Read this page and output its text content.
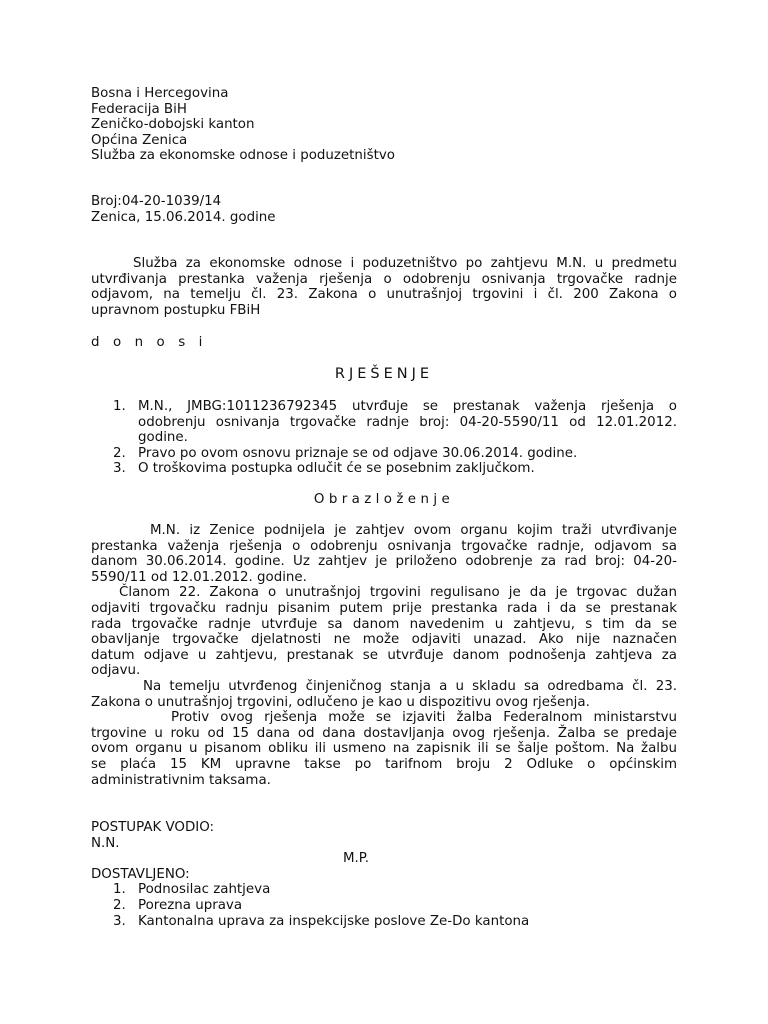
Bosna i Hercegovina
Federacija BiH
Zeničko-dobojski kanton
Općina Zenica
Služba za ekonomske odnose i poduzetništvo
Broj:04-20-1039/14
Zenica, 15.06.2014. godine
Služba za ekonomske odnose i poduzetništvo po zahtjevu M.N. u predmetu
utvrđivanja prestanka važenja rješenja o odobrenju osnivanja trgovačke radnje
odjavom, na temelju čl. 23. Zakona o unutrašnjoj trgovini i čl. 200 Zakona o
upravnom postupku FBiH
d o n o s i
RJEŠENJE
1. M.N., JMBG:1011236792345 utvrđuje se prestanak važenja rješenja o
odobrenju osnivanja trgovačke radnje broj: 04-20-5590/11 od 12.01.2012.
godine.
2. Pravo po ovom osnovu priznaje se od odjave 30.06.2014. godine.
3. O troškovima postupka odlučit će se posebnim zaključkom.
Obrazloženje
M.N. iz Zenice podnijela je zahtjev ovom organu kojim traži utvrđivanje
prestanka važenja rješenja o odobrenju osnivanja trgovačke radnje, odjavom sa
danom 30.06.2014. godine. Uz zahtjev je priloženo odobrenje za rad broj: 04-20-
5590/11 od 12.01.2012. godine.
Članom 22. Zakona o unutrašnjoj trgovini regulisano je da je trgovac dužan
odjaviti trgovačku radnju pisanim putem prije prestanka rada i da se prestanak
rada trgovačke radnje utvrđuje sa danom navedenim u zahtjevu, s tim da se
obavljanje trgovačke djelatnosti ne može odjaviti unazad. Ako nije naznačen
datum odjave u zahtjevu, prestanak se utvrđuje danom podnošenja zahtjeva za
odjavu.
Na temelju utvrđenog činjeničnog stanja a u skladu sa odredbama čl. 23.
Zakona o unutrašnjoj trgovini, odlučeno je kao u dispozitivu ovog rješenja.
Protiv ovog rješenja može se izjaviti žalba Federalnom ministarstvu
trgovine u roku od 15 dana od dana dostavljanja ovog rješenja. Žalba se predaje
ovom organu u pisanom obliku ili usmeno na zapisnik ili se šalje poštom. Na žalbu
se plaća 15 KM upravne takse po tarifnom broju 2 Odluke o općinskim
administrativnim taksama.
POSTUPAK VODIO:
N.N.
M.P.
DOSTAVLJENO:
1. Podnosilac zahtjeva
2. Porezna uprava
3. Kantonalna uprava za inspekcijske poslove Ze-Do kantona
